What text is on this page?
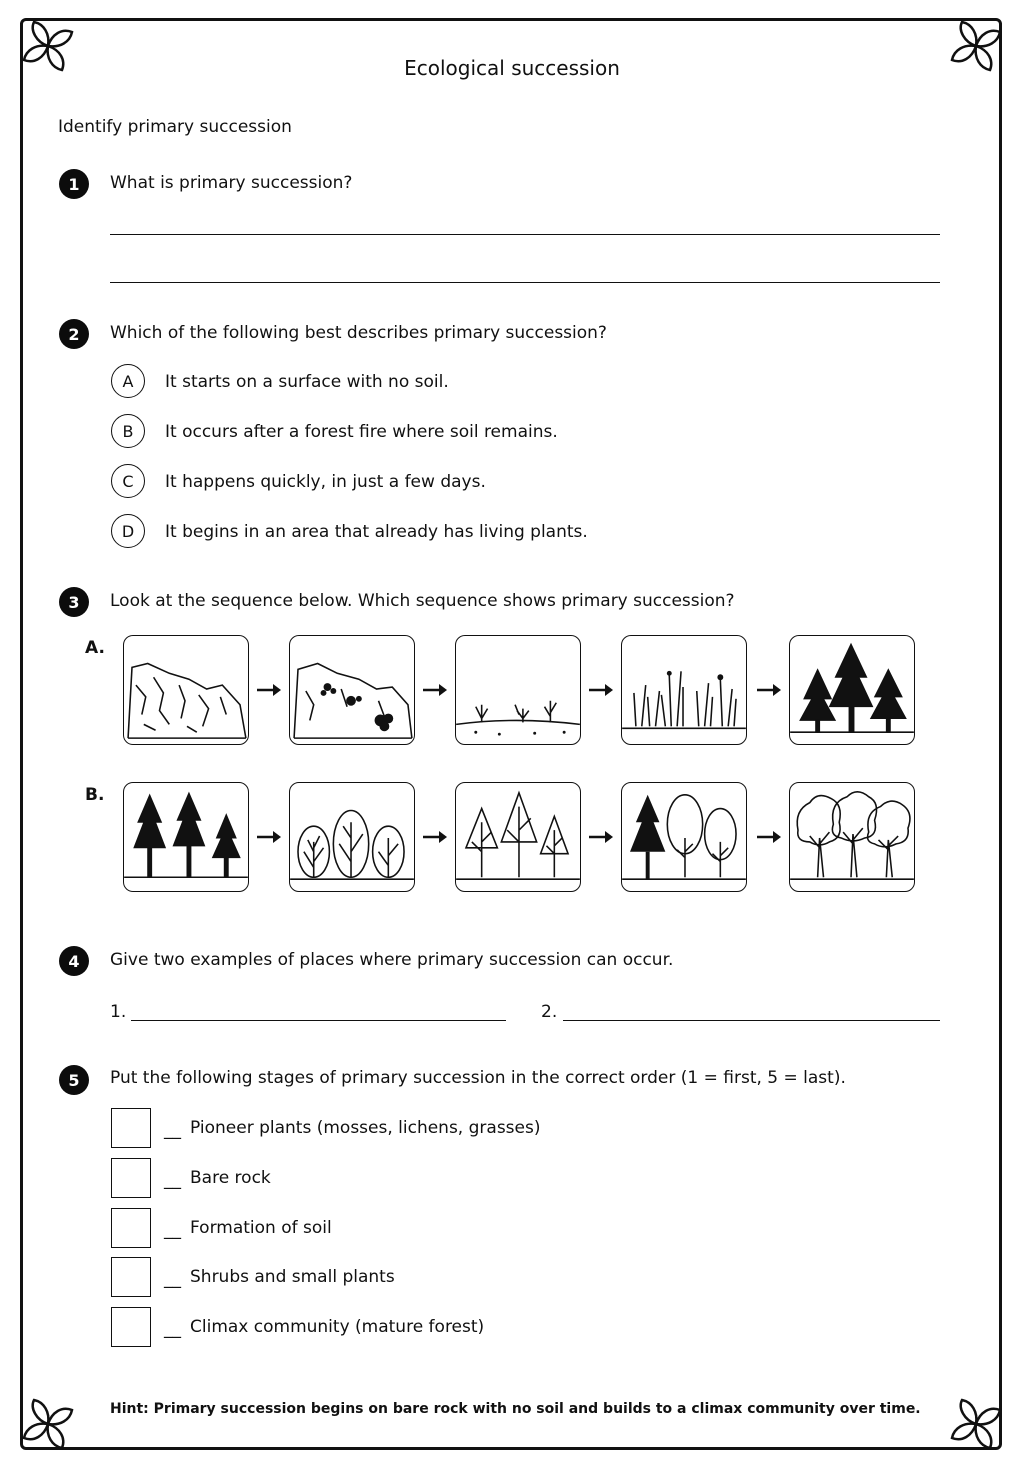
Ecological succession
Identify primary succession
1	What is primary succession?
2	Which of the following best describes primary succession?
A	It starts on a surface with no soil.
B	It occurs after a forest fire where soil remains.
C	It happens quickly, in just a few days.
D	It begins in an area that already has living plants.
3	Look at the sequence below. Which sequence shows primary succession?
A.
B.
4	Give two examples of places where primary succession can occur.
1.	2.
5	Put the following stages of primary succession in the correct order (1 = first, 5 = last).
__ Pioneer plants (mosses, lichens, grasses)
__ Bare rock
__ Formation of soil
__ Shrubs and small plants
__ Climax community (mature forest)
Hint: Primary succession begins on bare rock with no soil and builds to a climax community over time.
